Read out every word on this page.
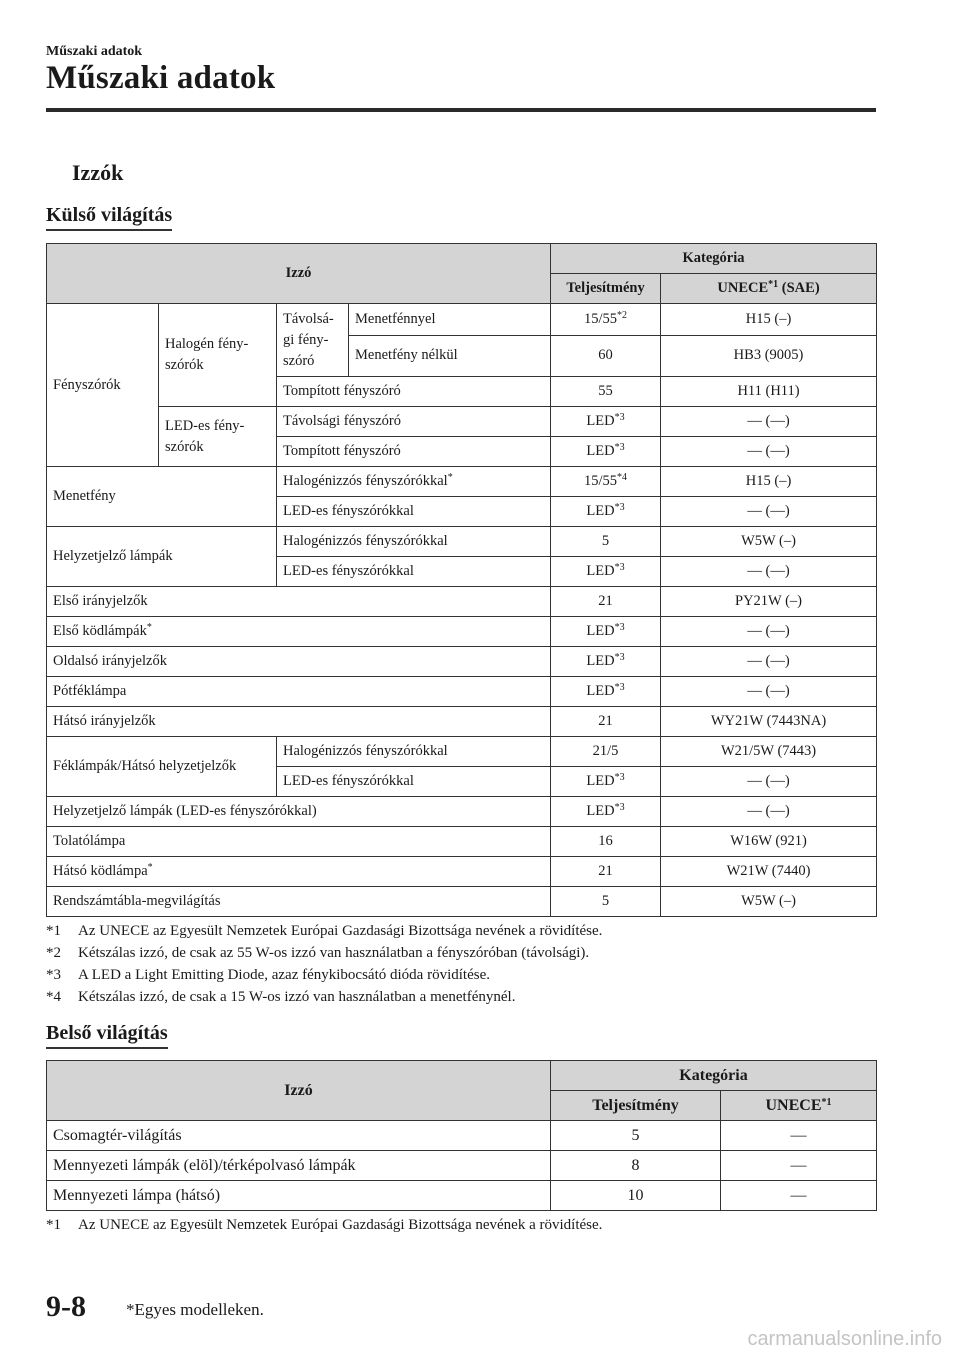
Műszaki adatok
Műszaki adatok
Izzók
Külső világítás
Izzó				Kategória	
				Teljesítmény	UNECE$^{*1}$ (SAE)
Fényszórók	Halogén fény-szórók	Távolsá-gi fény-szóró	Menetfénnyel	15/55$^{*2}$	H15 (–)
			Menetfény nélkül	60	HB3 (9005)
		Tompított fényszóró		55	H11 (H11)
	LED-es fény-szórók	Távolsági fényszóró		LED$^{*3}$	— (—)
		Tompított fényszóró		LED$^{*3}$	— (—)
Menetfény		Halogénizzós fényszórókkal*		15/55$^{*4}$	H15 (–)
		LED-es fényszórókkal		LED$^{*3}$	— (—)
Helyzetjelző lámpák		Halogénizzós fényszórókkal		5	W5W (–)
		LED-es fényszórókkal		LED$^{*3}$	— (—)
Első irányjelzők				21	PY21W (–)
Első ködlámpák*				LED$^{*3}$	— (—)
Oldalsó irányjelzők				LED$^{*3}$	— (—)
Pótféklámpa				LED$^{*3}$	— (—)
Hátsó irányjelzők				21	WY21W (7443NA)
Féklámpák/Hátsó helyzetjelzők		Halogénizzós fényszórókkal		21/5	W21/5W (7443)
		LED-es fényszórókkal		LED$^{*3}$	— (—)
Helyzetjelző lámpák (LED-es fényszórókkal)				LED$^{*3}$	— (—)
Tolatólámpa				16	W16W (921)
Hátsó ködlámpa*				21	W21W (7440)
Rendszámtábla-megvilágítás				5	W5W (–)
*1 Az UNECE az Egyesült Nemzetek Európai Gazdasági Bizottsága nevének a rövidítése.
*2 Kétszálas izzó, de csak az 55 W-os izzó van használatban a fényszóróban (távolsági).
*3 A LED a Light Emitting Diode, azaz fénykibocsátó dióda rövidítése.
*4 Kétszálas izzó, de csak a 15 W-os izzó van használatban a menetfénynél.
Belső világítás
Izzó	Kategória	
	Teljesítmény	UNECE$^{*1}$
Csomagtér-világítás	5	—
Mennyezeti lámpák (elöl)/térképolvasó lámpák	8	—
Mennyezeti lámpa (hátsó)	10	—
*1 Az UNECE az Egyesült Nemzetek Európai Gazdasági Bizottsága nevének a rövidítése.
9-8 *Egyes modelleken.
carmanualsonline.info
